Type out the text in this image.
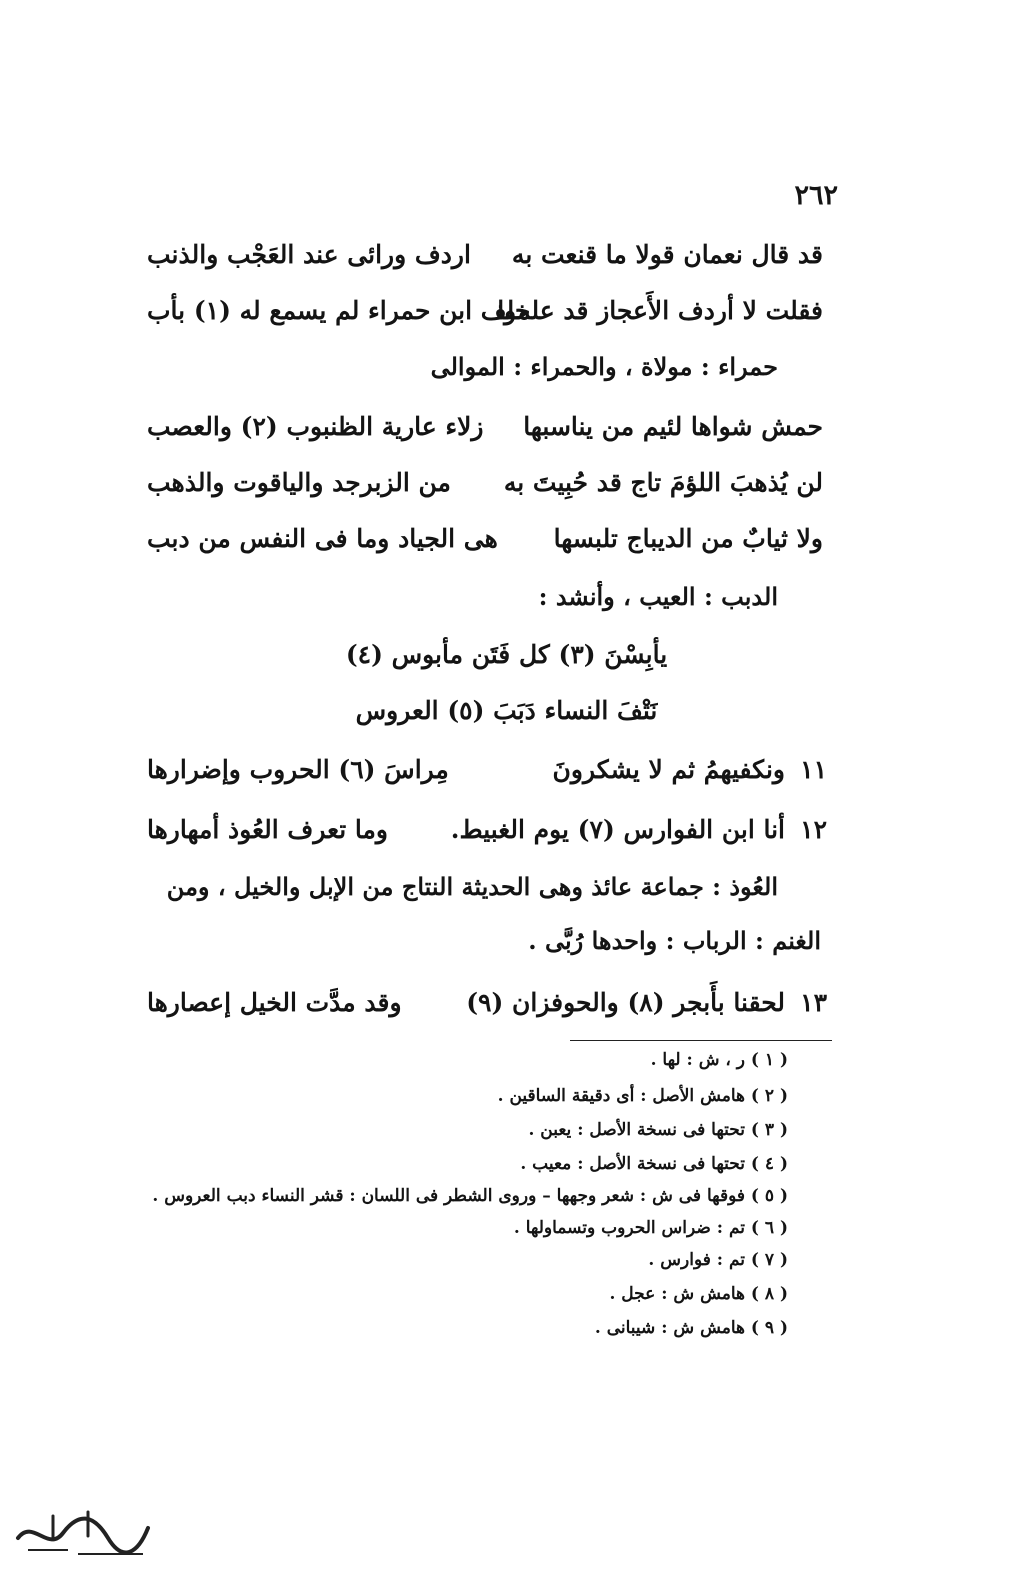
٢٦٢
قد قال نعمان قولا ما قنعت به
اردف ورائى عند العَجْب والذنب
فقلت لا أردف الأَعجاز قد علموا
خلف ابن حمراء لم يسمع له (١) بأب
حمراء : مولاة ، والحمراء : الموالى
حمش شواها لئيم من يناسبها
زلاء عارية الظنبوب (٢) والعصب
لن يُذهبَ اللؤمَ تاج قد حُبِيتَ به
من الزبرجد والياقوت والذهب
ولا ثيابٌ من الديباج تلبسها
هى الجياد وما فى النفس من دبب
الدبب : العيب ، وأنشد :
يأبِسْنَ (٣) كل فَتَن مأبوس (٤)
نَتْفَ النساء دَبَبَ (٥) العروس
١١
ونكفيهمُ ثم لا يشكرونَ
مِراسَ (٦) الحروب وإضرارها
١٢
أنا ابن الفوارس (٧) يوم الغبيط.
وما تعرف العُوذ أمهارها
العُوذ : جماعة عائذ وهى الحديثة النتاج من الإبل والخيل ، ومن
الغنم : الرباب : واحدها رُبَّى .
١٣
لحقنا بأَبجر (٨) والحوفزان (٩)
وقد مدَّت الخيل إعصارها
( ١ ) ر ، ش : لها .
( ٢ ) هامش الأصل : أى دقيقة الساقين .
( ٣ ) تحتها فى نسخة الأصل : يعبن .
( ٤ ) تحتها فى نسخة الأصل : معيب .
( ٥ ) فوقها فى ش : شعر وجهها – وروى الشطر فى اللسان : قشر النساء دبب العروس .
( ٦ ) تم : ضراس الحروب وتسماولها .
( ٧ ) تم : فوارس .
( ٨ ) هامش ش : عجل .
( ٩ ) هامش ش : شيبانى .
